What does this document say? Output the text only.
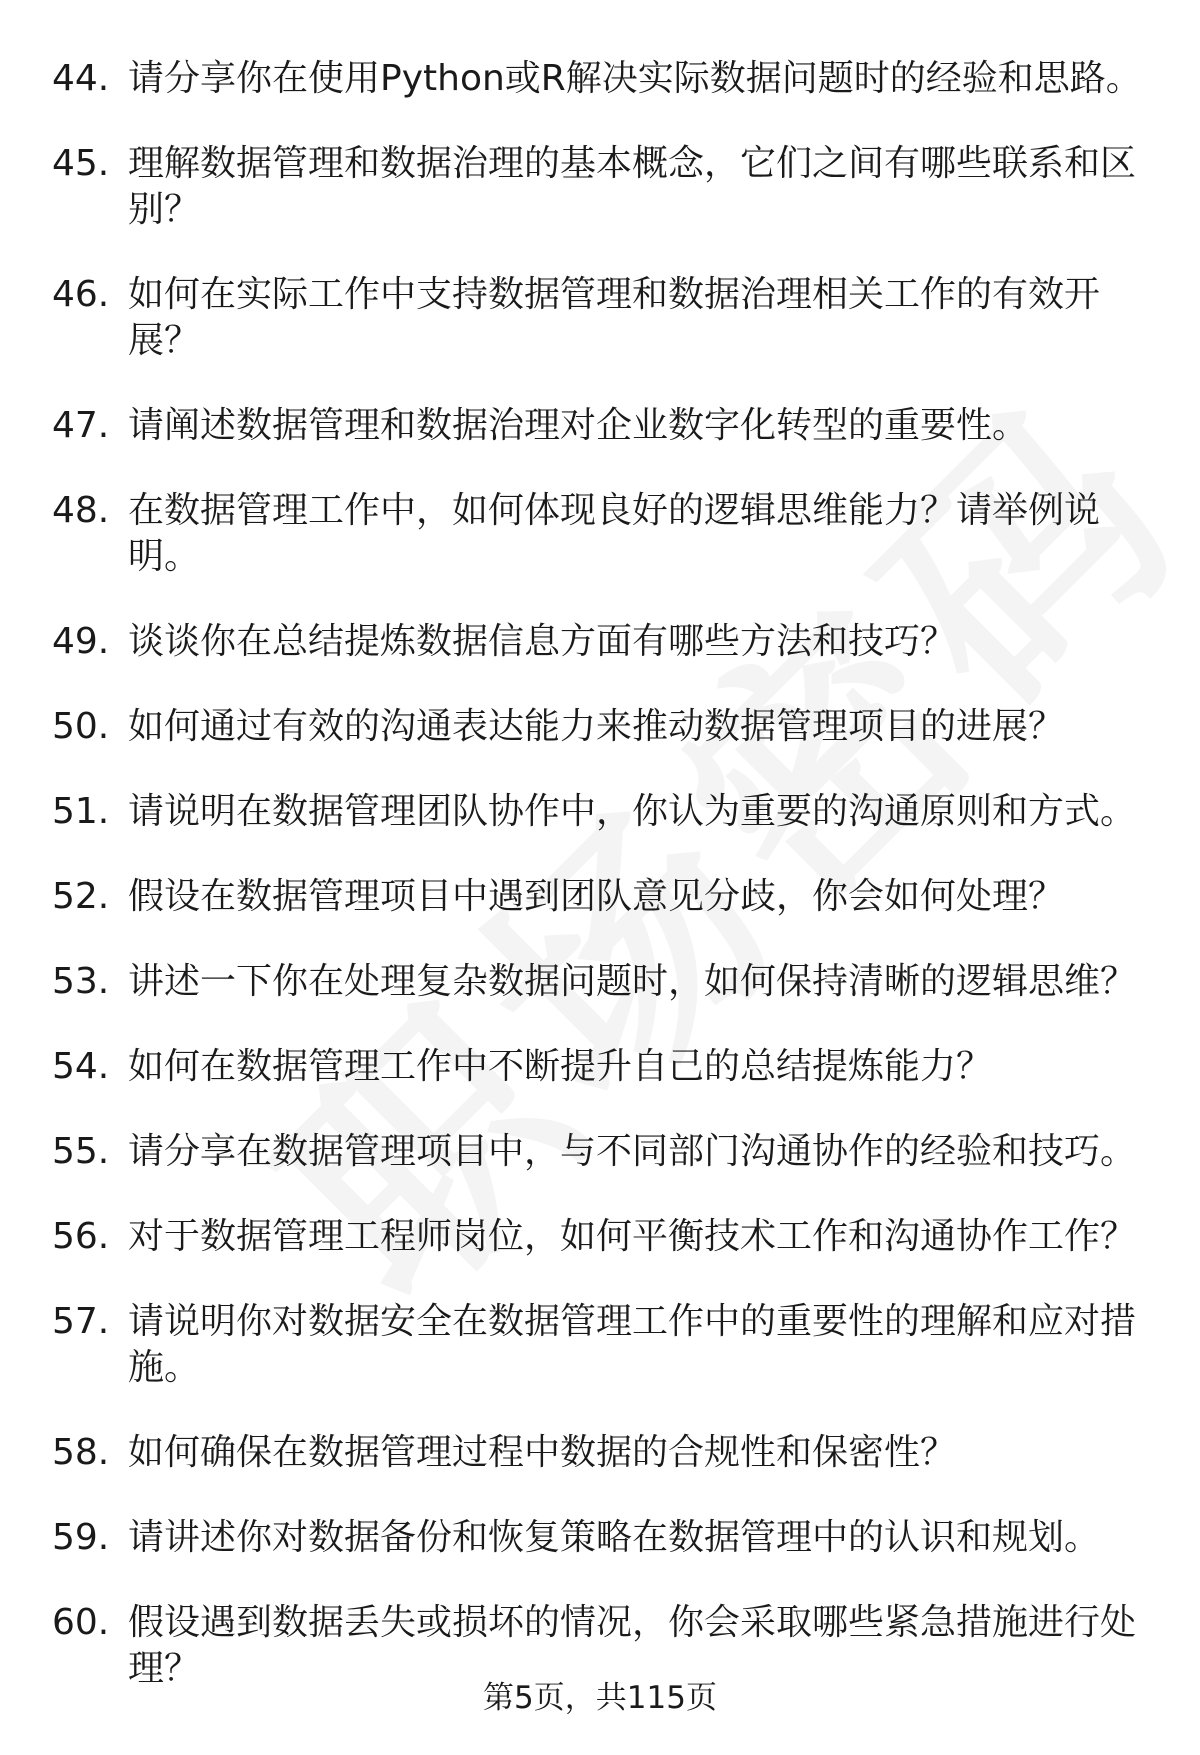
44. 请分享你在使用Python或R解决实际数据问题时的经验和思路。
45. 理解数据管理和数据治理的基本概念，它们之间有哪些联系和区别？
46. 如何在实际工作中支持数据管理和数据治理相关工作的有效开展？
47. 请阐述数据管理和数据治理对企业数字化转型的重要性。
48. 在数据管理工作中，如何体现良好的逻辑思维能力？请举例说明。
49. 谈谈你在总结提炼数据信息方面有哪些方法和技巧？
50. 如何通过有效的沟通表达能力来推动数据管理项目的进展？
51. 请说明在数据管理团队协作中，你认为重要的沟通原则和方式。
52. 假设在数据管理项目中遇到团队意见分歧，你会如何处理？
53. 讲述一下你在处理复杂数据问题时，如何保持清晰的逻辑思维？
54. 如何在数据管理工作中不断提升自己的总结提炼能力？
55. 请分享在数据管理项目中，与不同部门沟通协作的经验和技巧。
56. 对于数据管理工程师岗位，如何平衡技术工作和沟通协作工作？
57. 请说明你对数据安全在数据管理工作中的重要性的理解和应对措施。
58. 如何确保在数据管理过程中数据的合规性和保密性？
59. 请讲述你对数据备份和恢复策略在数据管理中的认识和规划。
60. 假设遇到数据丢失或损坏的情况，你会采取哪些紧急措施进行处理？
第5页，共115页
